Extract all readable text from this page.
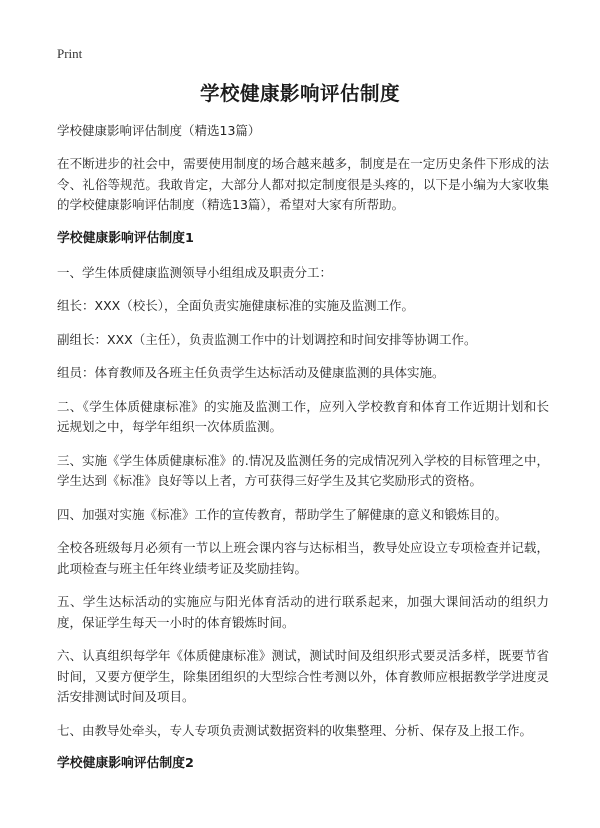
Print
学校健康影响评估制度
学校健康影响评估制度（精选13篇）
在不断进步的社会中，需要使用制度的场合越来越多，制度是在一定历史条件下形成的法令、礼俗等规范。我敢肯定，大部分人都对拟定制度很是头疼的，以下是小编为大家收集的学校健康影响评估制度（精选13篇），希望对大家有所帮助。
学校健康影响评估制度1
一、学生体质健康监测领导小组组成及职责分工：
组长：XXX（校长），全面负责实施健康标准的实施及监测工作。
副组长：XXX（主任），负责监测工作中的计划调控和时间安排等协调工作。
组员：体育教师及各班主任负责学生达标活动及健康监测的具体实施。
二、《学生体质健康标准》的实施及监测工作，应列入学校教育和体育工作近期计划和长远规划之中，每学年组织一次体质监测。
三、实施《学生体质健康标准》的.情况及监测任务的完成情况列入学校的目标管理之中，学生达到《标准》良好等以上者，方可获得三好学生及其它奖励形式的资格。
四、加强对实施《标准》工作的宣传教育，帮助学生了解健康的意义和锻炼目的。
全校各班级每月必须有一节以上班会课内容与达标相当，教导处应设立专项检查并记载，此项检查与班主任年终业绩考证及奖励挂钩。
五、学生达标活动的实施应与阳光体育活动的进行联系起来，加强大课间活动的组织力度，保证学生每天一小时的体育锻炼时间。
六、认真组织每学年《体质健康标准》测试，测试时间及组织形式要灵活多样，既要节省时间，又要方便学生，除集团组织的大型综合性考测以外，体育教师应根据教学学进度灵活安排测试时间及项目。
七、由教导处牵头，专人专项负责测试数据资料的收集整理、分析、保存及上报工作。
学校健康影响评估制度2
